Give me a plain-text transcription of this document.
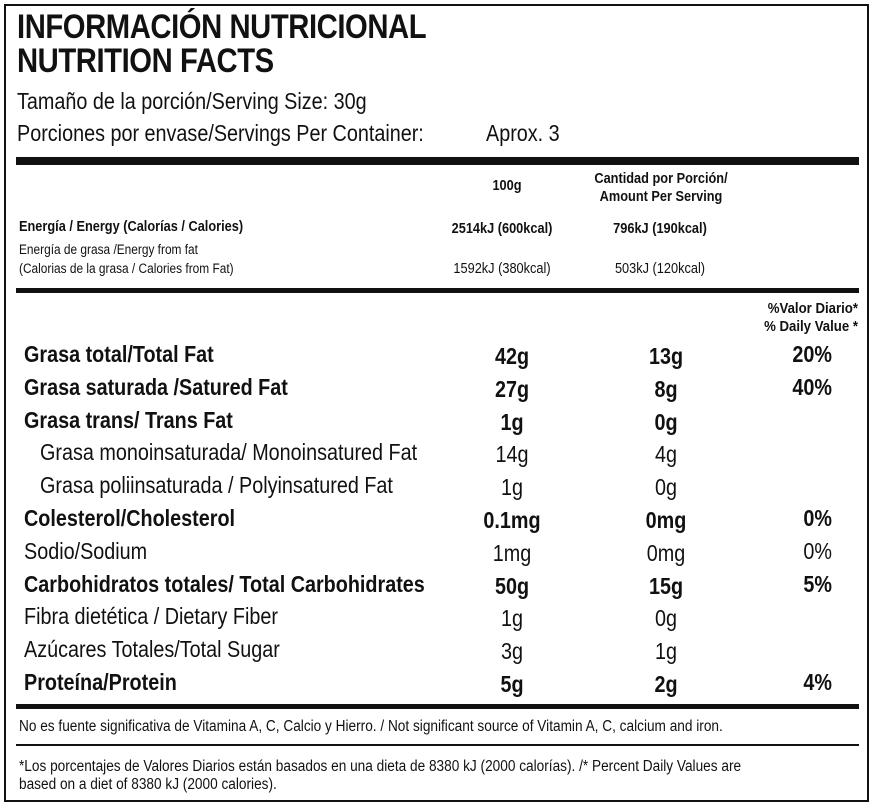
INFORMACIÓN NUTRICIONAL
NUTRITION FACTS
Tamaño de la porción/Serving Size: 30g
Porciones por envase/Servings Per Container:	Aprox. 3
100g	Cantidad por Porción/
Amount Per Serving
Energía / Energy (Calorías / Calories)	2514kJ (600kcal)	796kJ (190kcal)
Energía de grasa /Energy from fat
(Calorias de la grasa / Calories from Fat)	1592kJ (380kcal)	503kJ (120kcal)
%Valor Diario*
% Daily Value *
Grasa total/Total Fat	42g	13g	20%
Grasa saturada /Satured Fat	27g	8g	40%
Grasa trans/ Trans Fat	1g	0g
Grasa monoinsaturada/ Monoinsatured Fat	14g	4g
Grasa poliinsaturada / Polyinsatured Fat	1g	0g
Colesterol/Cholesterol	0.1mg	0mg	0%
Sodio/Sodium	1mg	0mg	0%
Carbohidratos totales/ Total Carbohidrates	50g	15g	5%
Fibra dietética / Dietary Fiber	1g	0g
Azúcares Totales/Total Sugar	3g	1g
Proteína/Protein	5g	2g	4%
No es fuente significativa de Vitamina A, C, Calcio y Hierro. / Not significant source of Vitamin A, C, calcium and iron.
*Los porcentajes de Valores Diarios están basados en una dieta de 8380 kJ (2000 calorías). /* Percent Daily Values are
based on a diet of 8380 kJ (2000 calories).
